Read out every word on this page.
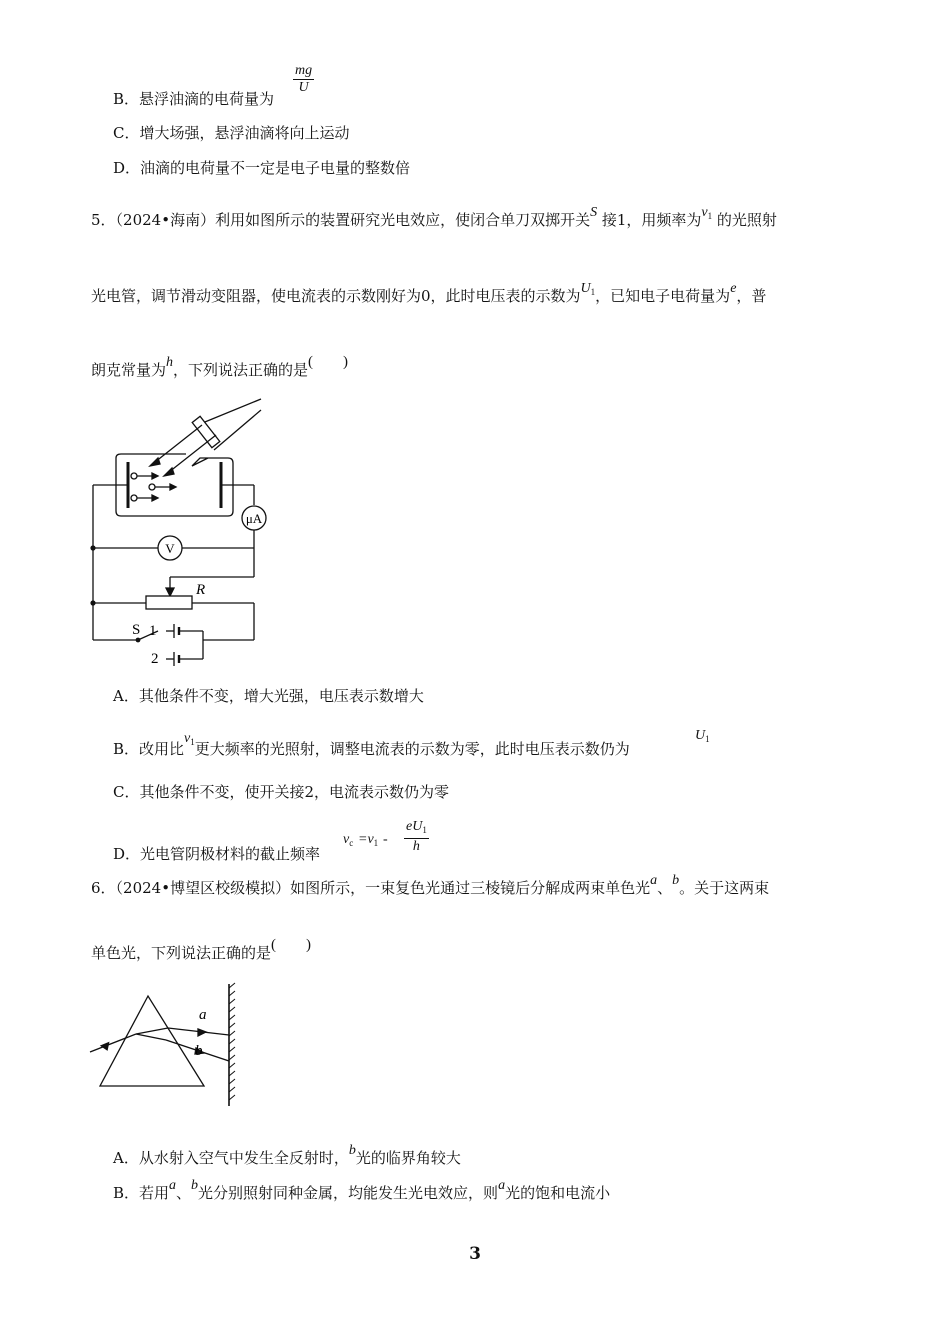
$\frac{mg}{U}$
B．悬浮油滴的电荷量为
C．增大场强，悬浮油滴将向上运动
D．油滴的电荷量不一定是电子电量的整数倍
5．（2024•海南）利用如图所示的装置研究光电效应，使闭合单刀双掷开关S 接1，用频率为$\nu_1$ 的光照射
光电管，调节滑动变阻器，使电流表的示数刚好为0，此时电压表的示数为$U_1$，已知电子电荷量为e，普
朗克常量为h，下列说法正确的是(　　)
μA
V
R
S 1
2
A．其他条件不变，增大光强，电压表示数增大
B．改用比$\nu_1$更大频率的光照射，调整电流表的示数为零，此时电压表示数仍为
$U_1$
C．其他条件不变，使开关接2，电流表示数仍为零
D．光电管阴极材料的截止频率
$\nu_c =\nu_1 - \frac{eU_1}{h}$
6．（2024•博望区校级模拟）如图所示，一束复色光通过三棱镜后分解成两束单色光a、b。关于这两束
单色光，下列说法正确的是(　　)
a
b
A．从水射入空气中发生全反射时，b光的临界角较大
B．若用a、b光分别照射同种金属，均能发生光电效应，则a光的饱和电流小
3
